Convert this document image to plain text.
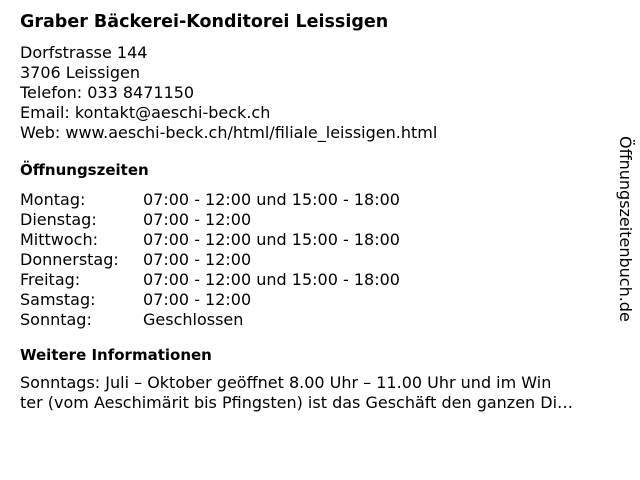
Graber Bäckerei-Konditorei Leissigen
Dorfstrasse 144
3706 Leissigen
Telefon: 033 8471150
Email: kontakt@aeschi-beck.ch
Web: www.aeschi-beck.ch/html/filiale_leissigen.html
Öffnungszeiten
Montag:	07:00 - 12:00 und 15:00 - 18:00
Dienstag:	07:00 - 12:00
Mittwoch:	07:00 - 12:00 und 15:00 - 18:00
Donnerstag:	07:00 - 12:00
Freitag:	07:00 - 12:00 und 15:00 - 18:00
Samstag:	07:00 - 12:00
Sonntag:	Geschlossen
Weitere Informationen
Sonntags: Juli – Oktober geöffnet 8.00 Uhr – 11.00 Uhr und im Win
ter (vom Aeschimärit bis Pfingsten) ist das Geschäft den ganzen Di…
Öffnungszeitenbuch.de
